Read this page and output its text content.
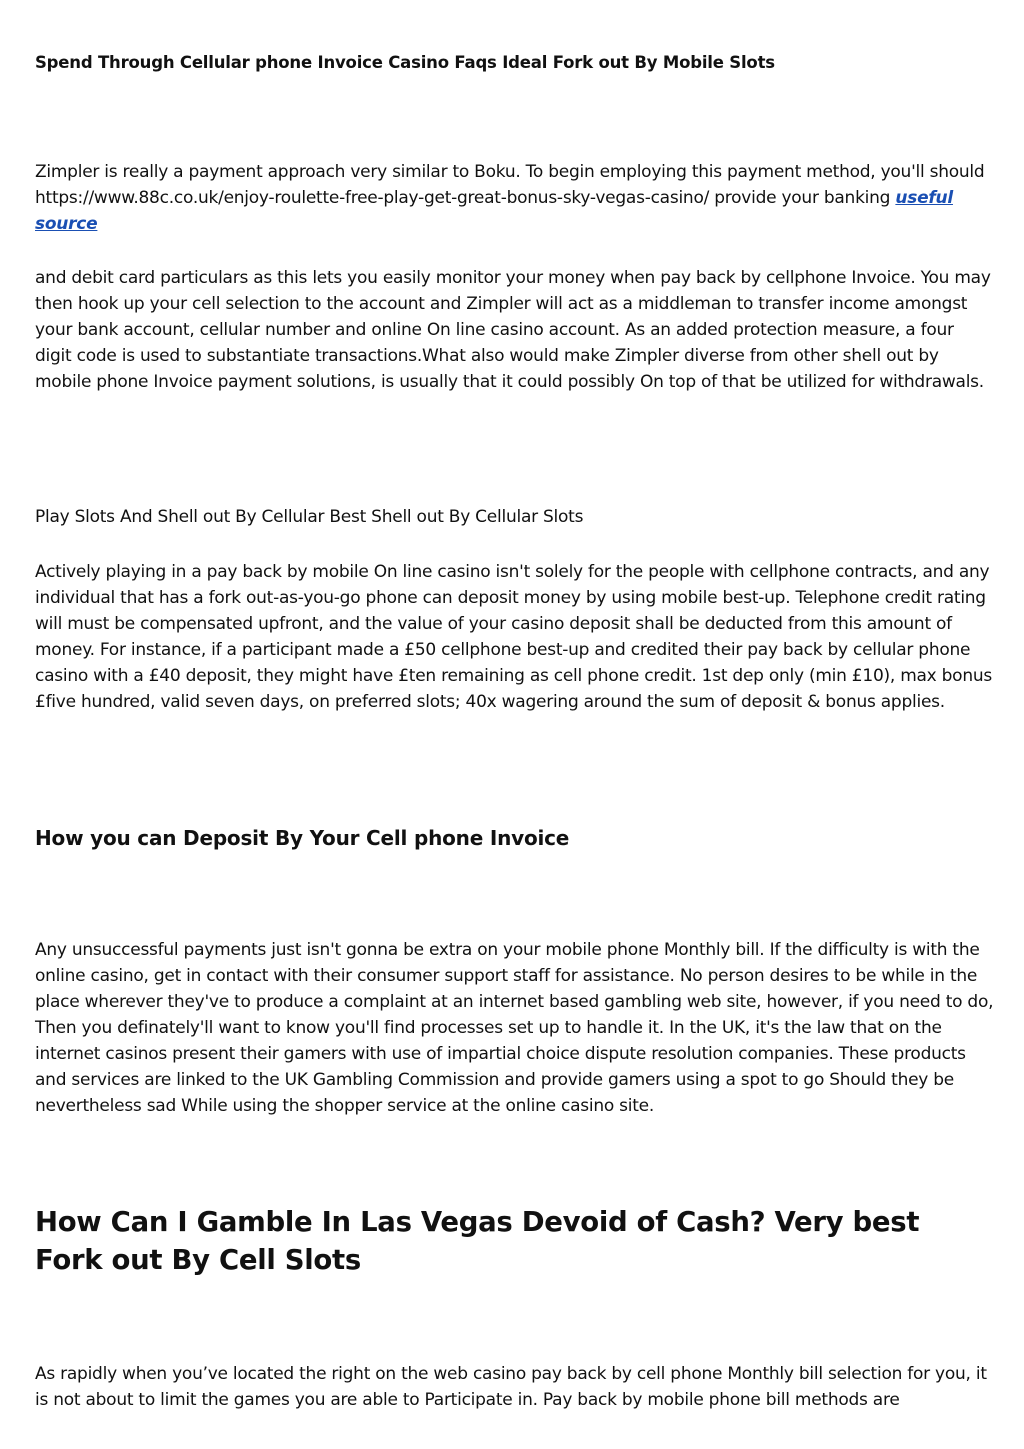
Spend Through Cellular phone Invoice Casino Faqs Ideal Fork out By Mobile Slots

Zimpler is really a payment approach very similar to Boku. To begin employing this payment method, you'll should https://www.88c.co.uk/enjoy-roulette-free-play-get-great-bonus-sky-vegas-casino/ provide your banking useful source

and debit card particulars as this lets you easily monitor your money when pay back by cellphone Invoice. You may then hook up your cell selection to the account and Zimpler will act as a middleman to transfer income amongst your bank account, cellular number and online On line casino account. As an added protection measure, a four digit code is used to substantiate transactions.What also would make Zimpler diverse from other shell out by mobile phone Invoice payment solutions, is usually that it could possibly On top of that be utilized for withdrawals.

Play Slots And Shell out By Cellular Best Shell out By Cellular Slots

Actively playing in a pay back by mobile On line casino isn't solely for the people with cellphone contracts, and any individual that has a fork out-as-you-go phone can deposit money by using mobile best-up. Telephone credit rating will must be compensated upfront, and the value of your casino deposit shall be deducted from this amount of money. For instance, if a participant made a £50 cellphone best-up and credited their pay back by cellular phone casino with a £40 deposit, they might have £ten remaining as cell phone credit. 1st dep only (min £10), max bonus £five hundred, valid seven days, on preferred slots; 40x wagering around the sum of deposit & bonus applies.

How you can Deposit By Your Cell phone Invoice

Any unsuccessful payments just isn't gonna be extra on your mobile phone Monthly bill. If the difficulty is with the online casino, get in contact with their consumer support staff for assistance. No person desires to be while in the place wherever they've to produce a complaint at an internet based gambling web site, however, if you need to do, Then you definately'll want to know you'll find processes set up to handle it. In the UK, it's the law that on the internet casinos present their gamers with use of impartial choice dispute resolution companies. These products and services are linked to the UK Gambling Commission and provide gamers using a spot to go Should they be nevertheless sad While using the shopper service at the online casino site.

How Can I Gamble In Las Vegas Devoid of Cash? Very best Fork out By Cell Slots

As rapidly when you’ve located the right on the web casino pay back by cell phone Monthly bill selection for you, it is not about to limit the games you are able to Participate in. Pay back by mobile phone bill methods are
